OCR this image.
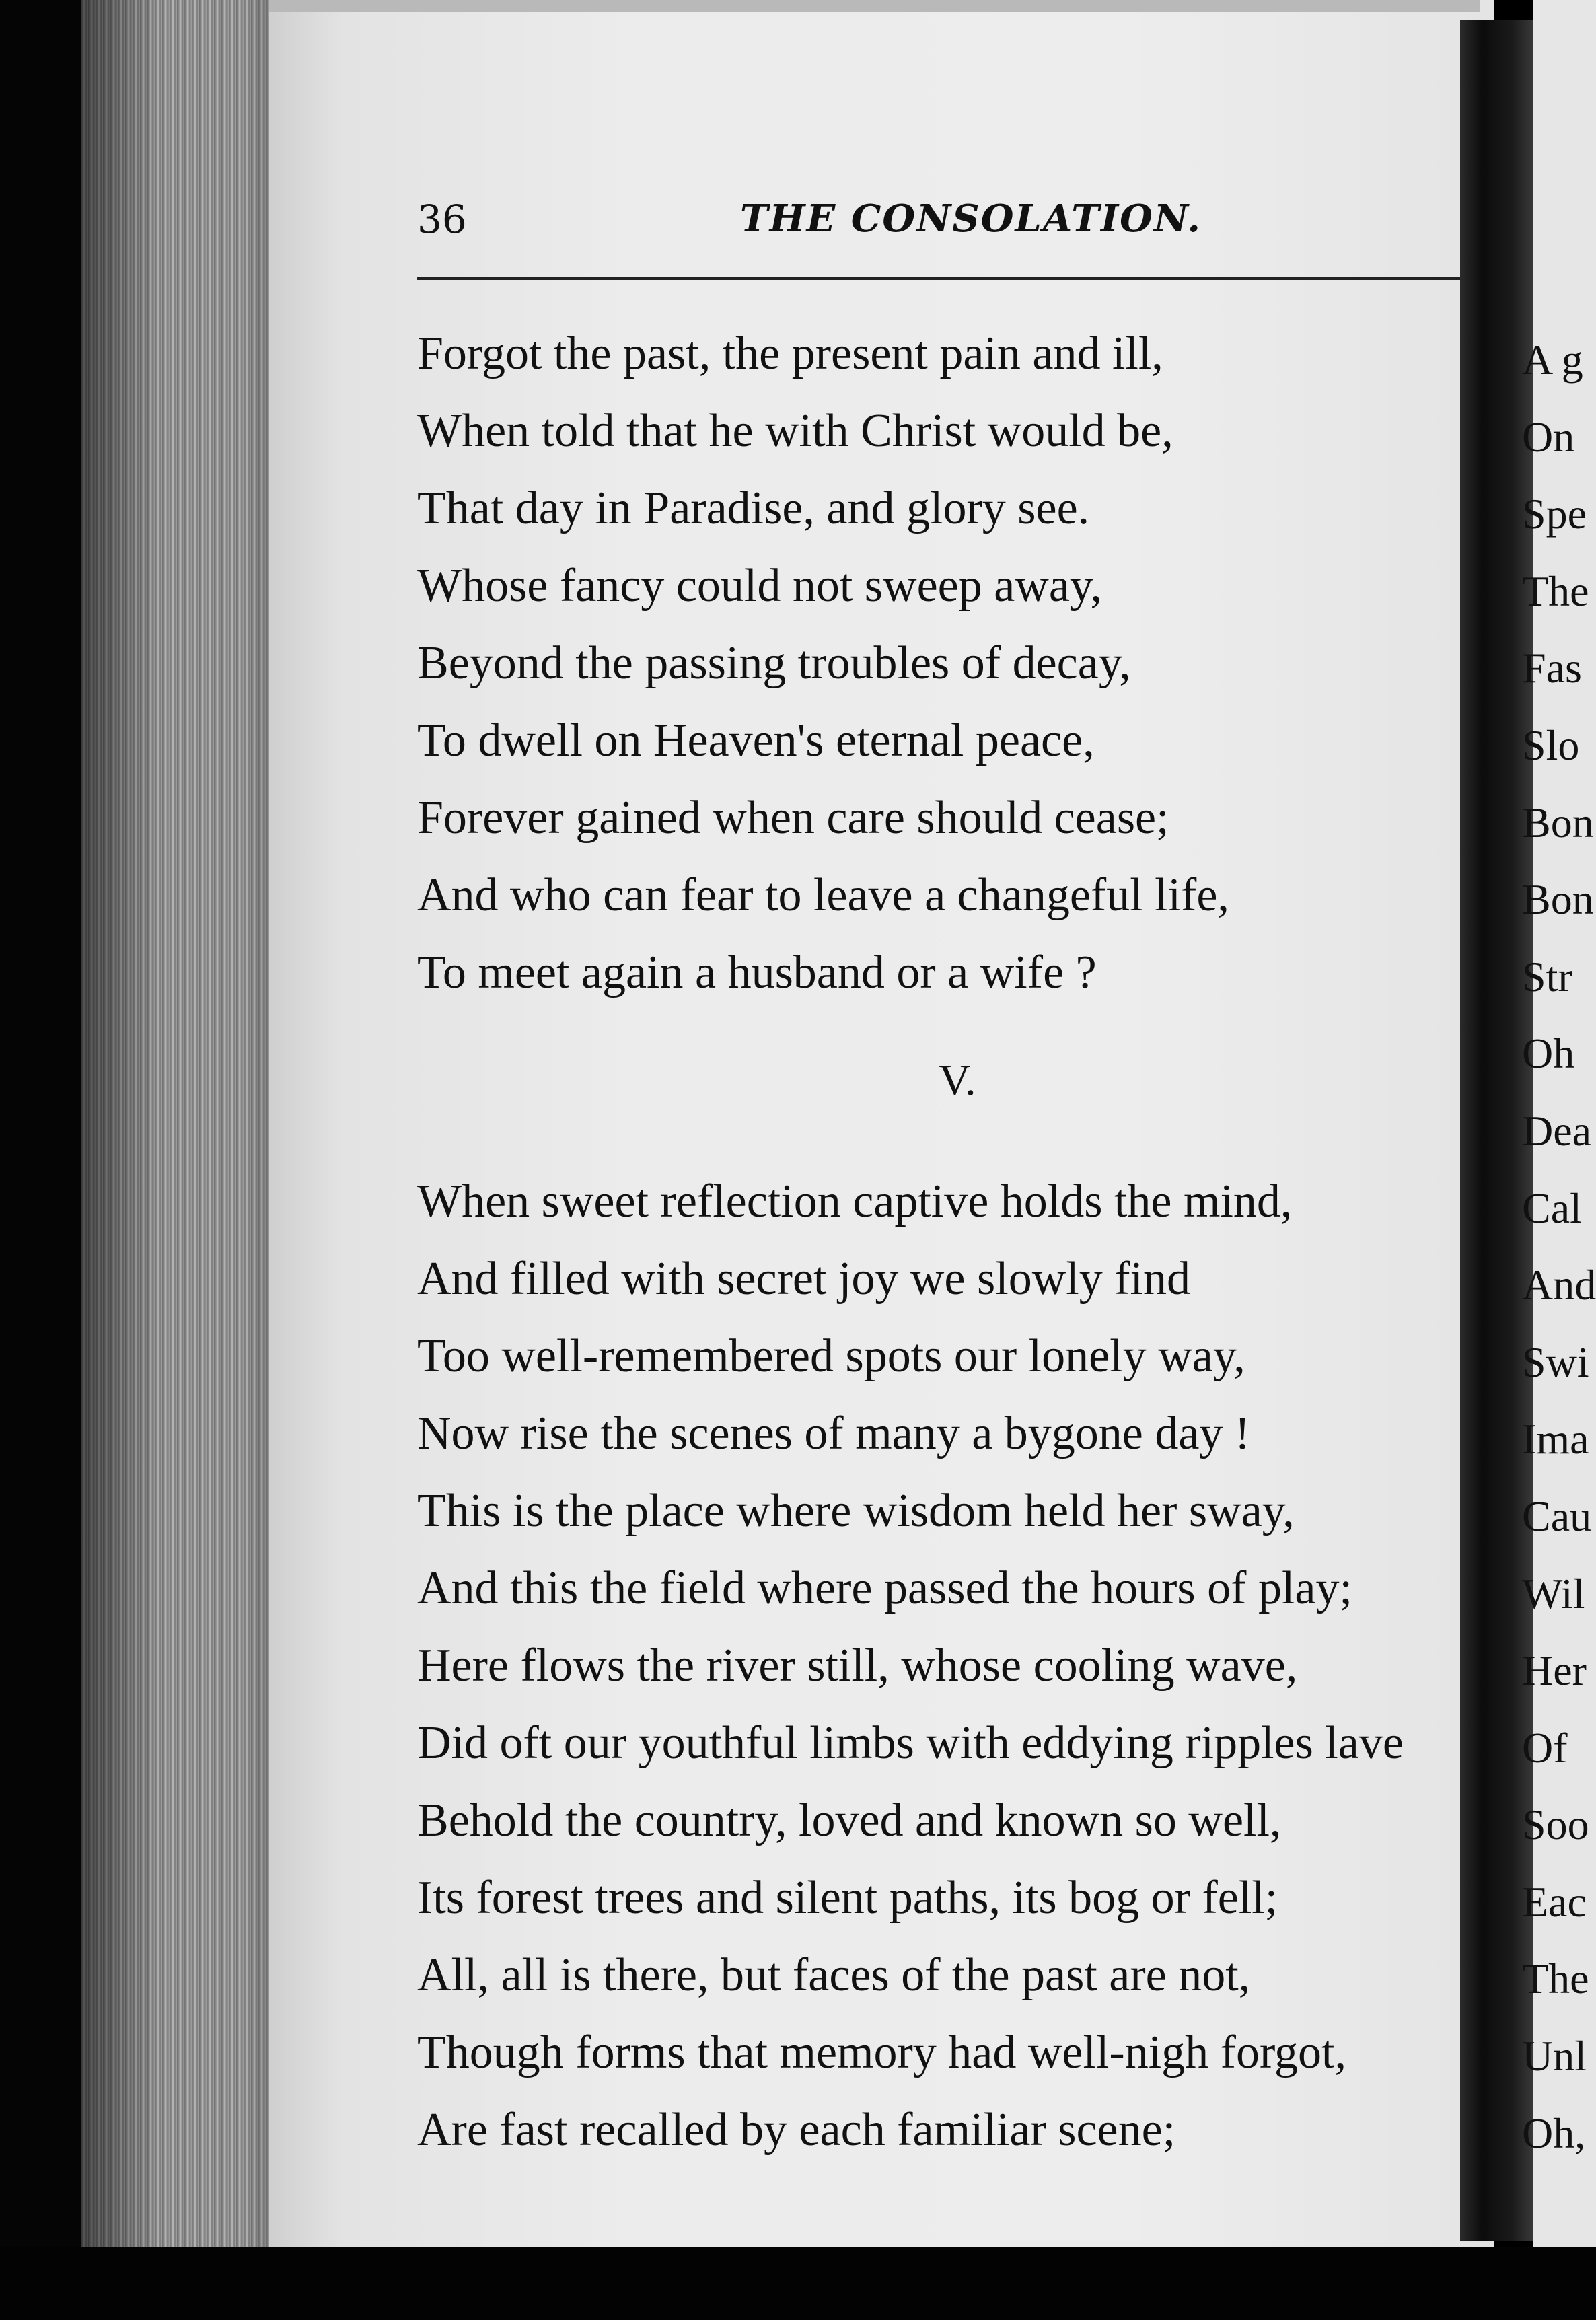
36	THE CONSOLATION.
Forgot the past, the present pain and ill,
When told that he with Christ would be,
That day in Paradise, and glory see.
Whose fancy could not sweep away,
Beyond the passing troubles of decay,
To dwell on Heaven's eternal peace,
Forever gained when care should cease;
And who can fear to leave a changeful life,
To meet again a husband or a wife ?
V.
When sweet reflection captive holds the mind,
And filled with secret joy we slowly find
Too well-remembered spots our lonely way,
Now rise the scenes of many a bygone day !
This is the place where wisdom held her sway,
And this the field where passed the hours of play;
Here flows the river still, whose cooling wave,
Did oft our youthful limbs with eddying ripples lave
Behold the country, loved and known so well,
Its forest trees and silent paths, its bog or fell;
All, all is there, but faces of the past are not,
Though forms that memory had well-nigh forgot,
Are fast recalled by each familiar scene;
A g
On
Spe
The
Fas
Slo
Bon
Bon
Str
Oh
Dea
Cal
And
Swi
Ima
Cau
Wil
Her
Of
Soo
Eac
The
Unl
Oh,
